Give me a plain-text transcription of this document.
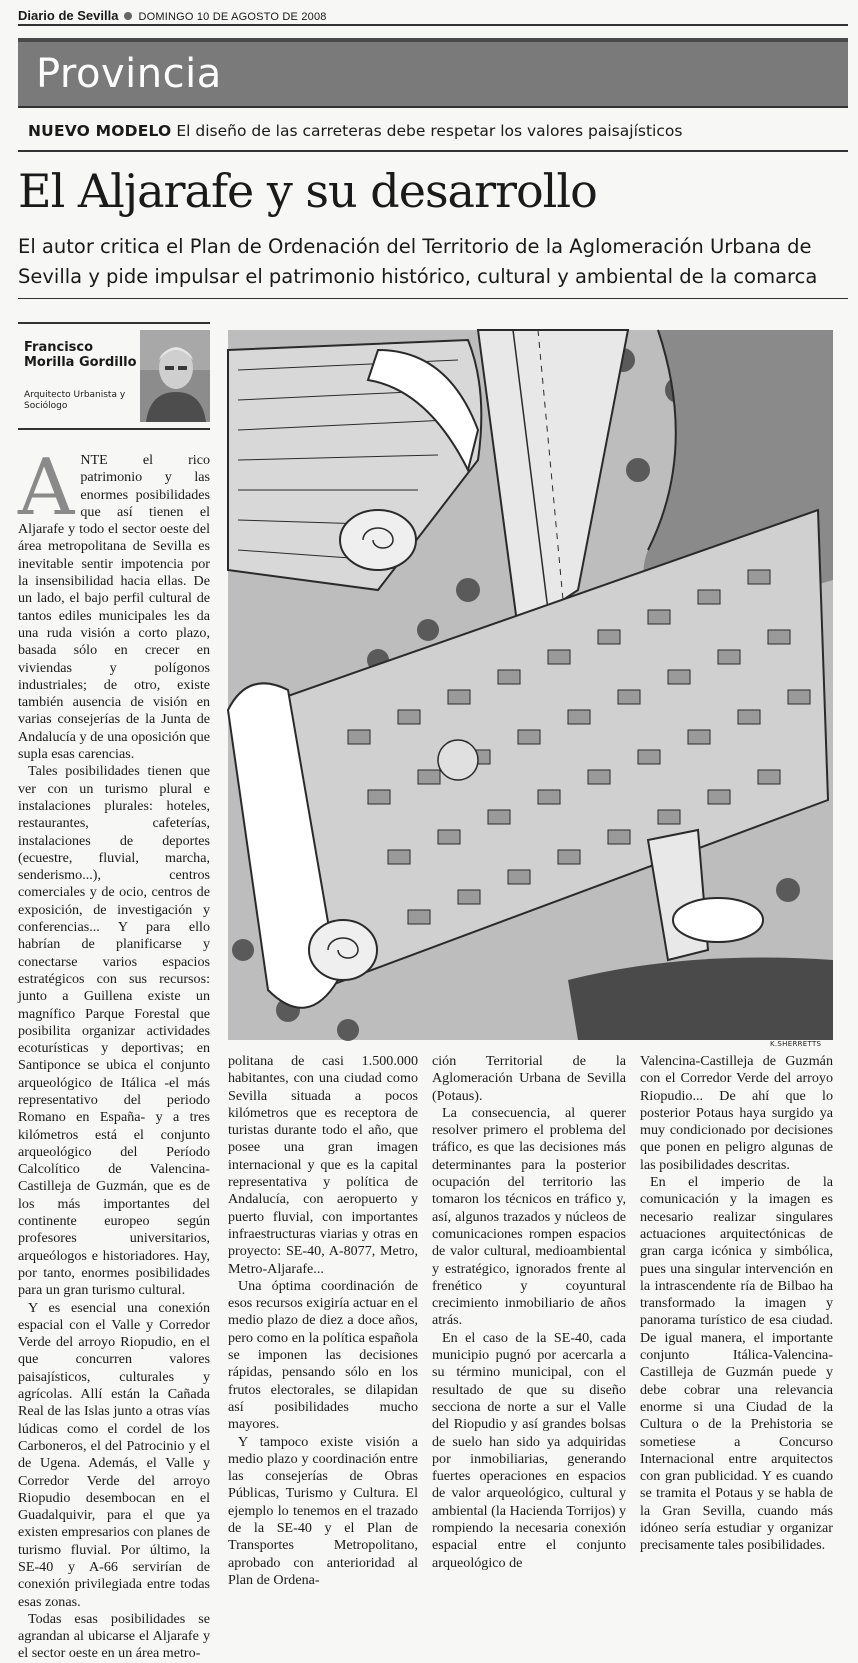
Diario de Sevilla DOMINGO 10 DE AGOSTO DE 2008
Provincia
NUEVO MODELO El diseño de las carreteras debe respetar los valores paisajísticos
El Aljarafe y su desarrollo
El autor critica el Plan de Ordenación del Territorio de la Aglomeración Urbana de Sevilla y pide impulsar el patrimonio histórico, cultural y ambiental de la comarca
Francisco Morilla Gordillo
Arquitecto Urbanista y Sociólogo
K.SHERRETTS

ANTE el rico patrimonio y las enormes posibilidades que así tienen el Aljarafe y todo el sector oeste del área metropolitana de Sevilla es inevitable sentir impotencia por la insensibilidad hacia ellas. De un lado, el bajo perfil cultural de tantos ediles municipales les da una ruda visión a corto plazo, basada sólo en crecer en viviendas y polígonos industriales; de otro, existe también ausencia de visión en varias consejerías de la Junta de Andalucía y de una oposición que supla esas carencias.

Tales posibilidades tienen que ver con un turismo plural e instalaciones plurales: hoteles, restaurantes, cafeterías, instalaciones de deportes (ecuestre, fluvial, marcha, senderismo...), centros comerciales y de ocio, centros de exposición, de investigación y conferencias... Y para ello habrían de planificarse y conectarse varios espacios estratégicos con sus recursos: junto a Guillena existe un magnífico Parque Forestal que posibilita organizar actividades ecoturísticas y deportivas; en Santiponce se ubica el conjunto arqueológico de Itálica -el más representativo del periodo Romano en España- y a tres kilómetros está el conjunto arqueológico del Período Calcolítico de Valencina-Castilleja de Guzmán, que es de los más importantes del continente europeo según profesores universitarios, arqueólogos e historiadores. Hay, por tanto, enormes posibilidades para un gran turismo cultural.

Y es esencial una conexión espacial con el Valle y Corredor Verde del arroyo Riopudio, en el que concurren valores paisajísticos, culturales y agrícolas. Allí están la Cañada Real de las Islas junto a otras vías lúdicas como el cordel de los Carboneros, el del Patrocinio y el de Ugena. Además, el Valle y Corredor Verde del arroyo Riopudio desembocan en el Guadalquivir, para el que ya existen empresarios con planes de turismo fluvial. Por último, la SE-40 y A-66 servirían de conexión privilegiada entre todas esas zonas.

Todas esas posibilidades se agrandan al ubicarse el Aljarafe y el sector oeste en un área metro-

politana de casi 1.500.000 habitantes, con una ciudad como Sevilla situada a pocos kilómetros que es receptora de turistas durante todo el año, que posee una gran imagen internacional y que es la capital representativa y política de Andalucía, con aeropuerto y puerto fluvial, con importantes infraestructuras viarias y otras en proyecto: SE-40, A-8077, Metro, Metro-Aljarafe...

Una óptima coordinación de esos recursos exigiría actuar en el medio plazo de diez a doce años, pero como en la política española se imponen las decisiones rápidas, pensando sólo en los frutos electorales, se dilapidan así posibilidades mucho mayores.

Y tampoco existe visión a medio plazo y coordinación entre las consejerías de Obras Públicas, Turismo y Cultura. El ejemplo lo tenemos en el trazado de la SE-40 y el Plan de Transportes Metropolitano, aprobado con anterioridad al Plan de Ordena-

ción Territorial de la Aglomeración Urbana de Sevilla (Potaus).

La consecuencia, al querer resolver primero el problema del tráfico, es que las decisiones más determinantes para la posterior ocupación del territorio las tomaron los técnicos en tráfico y, así, algunos trazados y núcleos de comunicaciones rompen espacios de valor cultural, medioambiental y estratégico, ignorados frente al frenético y coyuntural crecimiento inmobiliario de años atrás.

En el caso de la SE-40, cada municipio pugnó por acercarla a su término municipal, con el resultado de que su diseño secciona de norte a sur el Valle del Riopudio y así grandes bolsas de suelo han sido ya adquiridas por inmobiliarias, generando fuertes operaciones en espacios de valor arqueológico, cultural y ambiental (la Hacienda Torrijos) y rompiendo la necesaria conexión espacial entre el conjunto arqueológico de

Valencina-Castilleja de Guzmán con el Corredor Verde del arroyo Riopudio... De ahí que lo posterior Potaus haya surgido ya muy condicionado por decisiones que ponen en peligro algunas de las posibilidades descritas.

En el imperio de la comunicación y la imagen es necesario realizar singulares actuaciones arquitectónicas de gran carga icónica y simbólica, pues una singular intervención en la intrascendente ría de Bilbao ha transformado la imagen y panorama turístico de esa ciudad. De igual manera, el importante conjunto Itálica-Valencina-Castilleja de Guzmán puede y debe cobrar una relevancia enorme si una Ciudad de la Cultura o de la Prehistoria se sometiese a Concurso Internacional entre arquitectos con gran publicidad. Y es cuando se tramita el Potaus y se habla de la Gran Sevilla, cuando más idóneo sería estudiar y organizar precisamente tales posibilidades.
